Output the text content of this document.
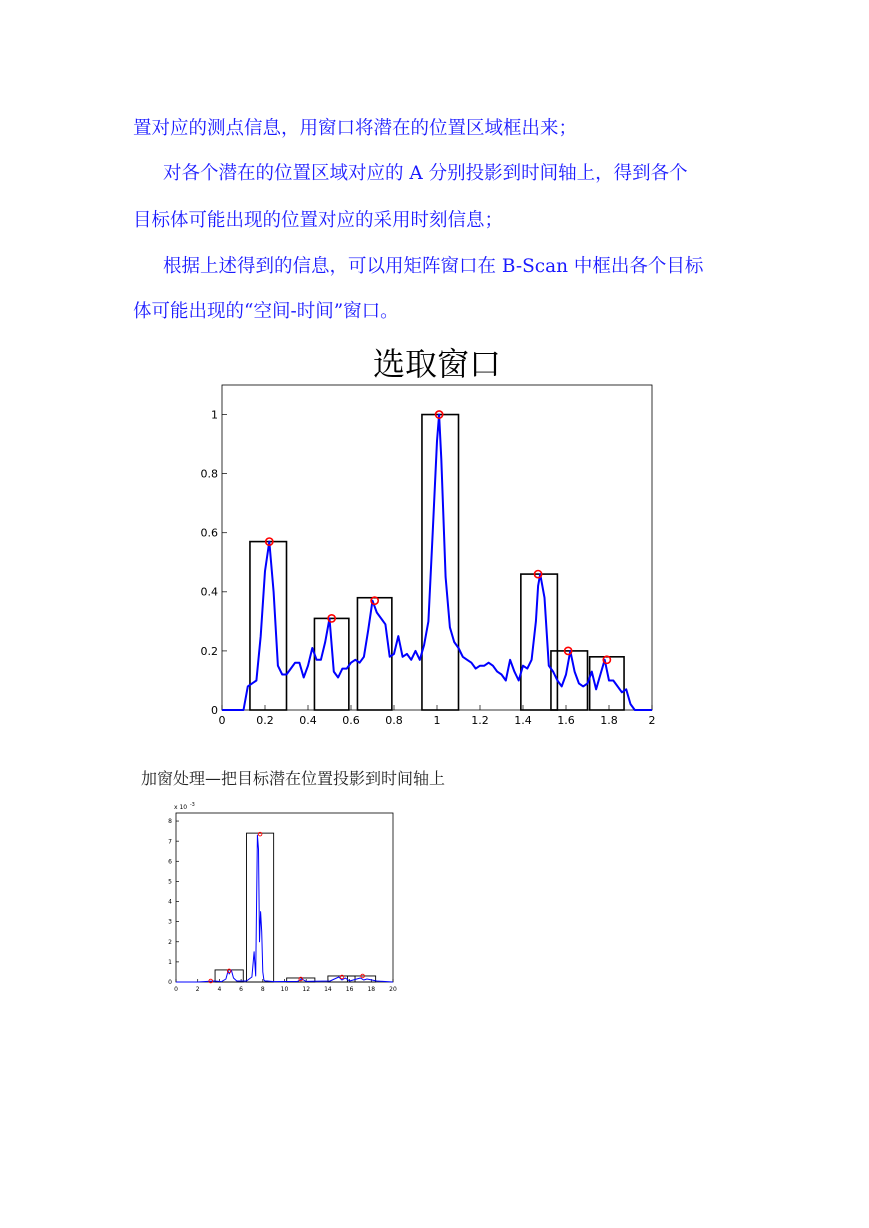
置对应的测点信息，用窗口将潜在的位置区域框出来；
对各个潜在的位置区域对应的 A 分别投影到时间轴上，得到各个
目标体可能出现的位置对应的采用时刻信息；
根据上述得到的信息，可以用矩阵窗口在 B-Scan 中框出各个目标
体可能出现的“空间-时间”窗口。
选取窗口
0	0.2 0.4 0.6 0.8	1	1.2 1.4 1.6 1.8	2
0
0.2
0.4
0.6
0.8
1
加窗处理—把目标潜在位置投影到时间轴上
0	2	4	6	8	10 12 14 16 18 20
0
1
2
3
4
5
6
7
8
x 10 -3
